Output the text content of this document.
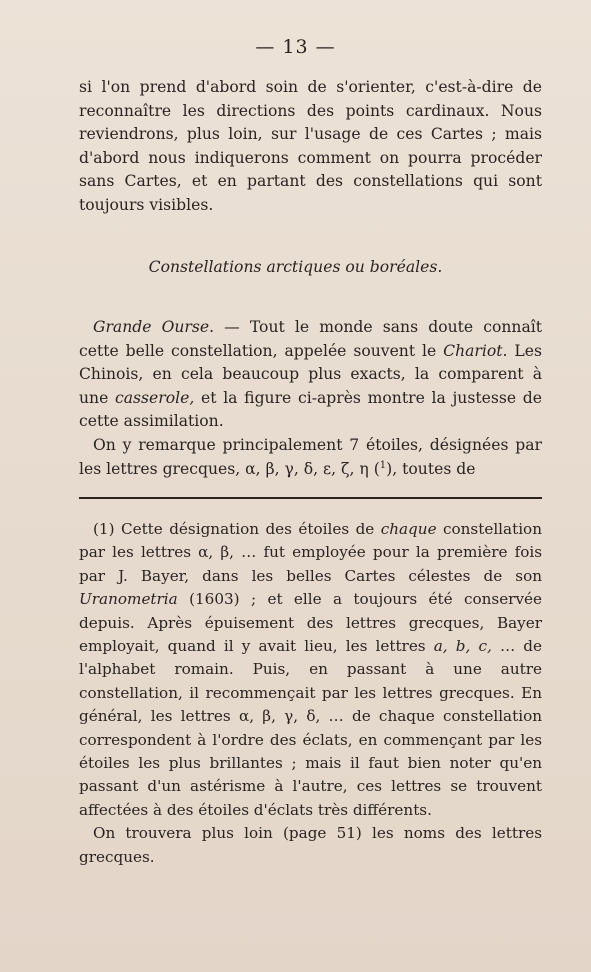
— 13 —

si l'on prend d'abord soin de s'orienter, c'est-à-dire de reconnaître les directions des points cardinaux. Nous reviendrons, plus loin, sur l'usage de ces Cartes ; mais d'abord nous indiquerons comment on pourra procéder sans Cartes, et en partant des constellations qui sont toujours visibles.

Constellations arctiques ou boréales.

Grande Ourse. — Tout le monde sans doute connaît cette belle constellation, appelée souvent le Chariot. Les Chinois, en cela beaucoup plus exacts, la comparent à une casserole, et la figure ci-après montre la justesse de cette assimilation.

On y remarque principalement 7 étoiles, désignées par les lettres grecques, α, β, γ, δ, ε, ζ, η ($^1$), toutes de

(1) Cette désignation des étoiles de chaque constellation par les lettres α, β, … fut employée pour la première fois par J. Bayer, dans les belles Cartes célestes de son Uranometria (1603) ; et elle a toujours été conservée depuis. Après épuisement des lettres grecques, Bayer employait, quand il y avait lieu, les lettres a, b, c, … de l'alphabet romain. Puis, en passant à une autre constellation, il recommençait par les lettres grecques. En général, les lettres α, β, γ, δ, … de chaque constellation correspondent à l'ordre des éclats, en commençant par les étoiles les plus brillantes ; mais il faut bien noter qu'en passant d'un astérisme à l'autre, ces lettres se trouvent affectées à des étoiles d'éclats très différents.

On trouvera plus loin (page 51) les noms des lettres grecques.
